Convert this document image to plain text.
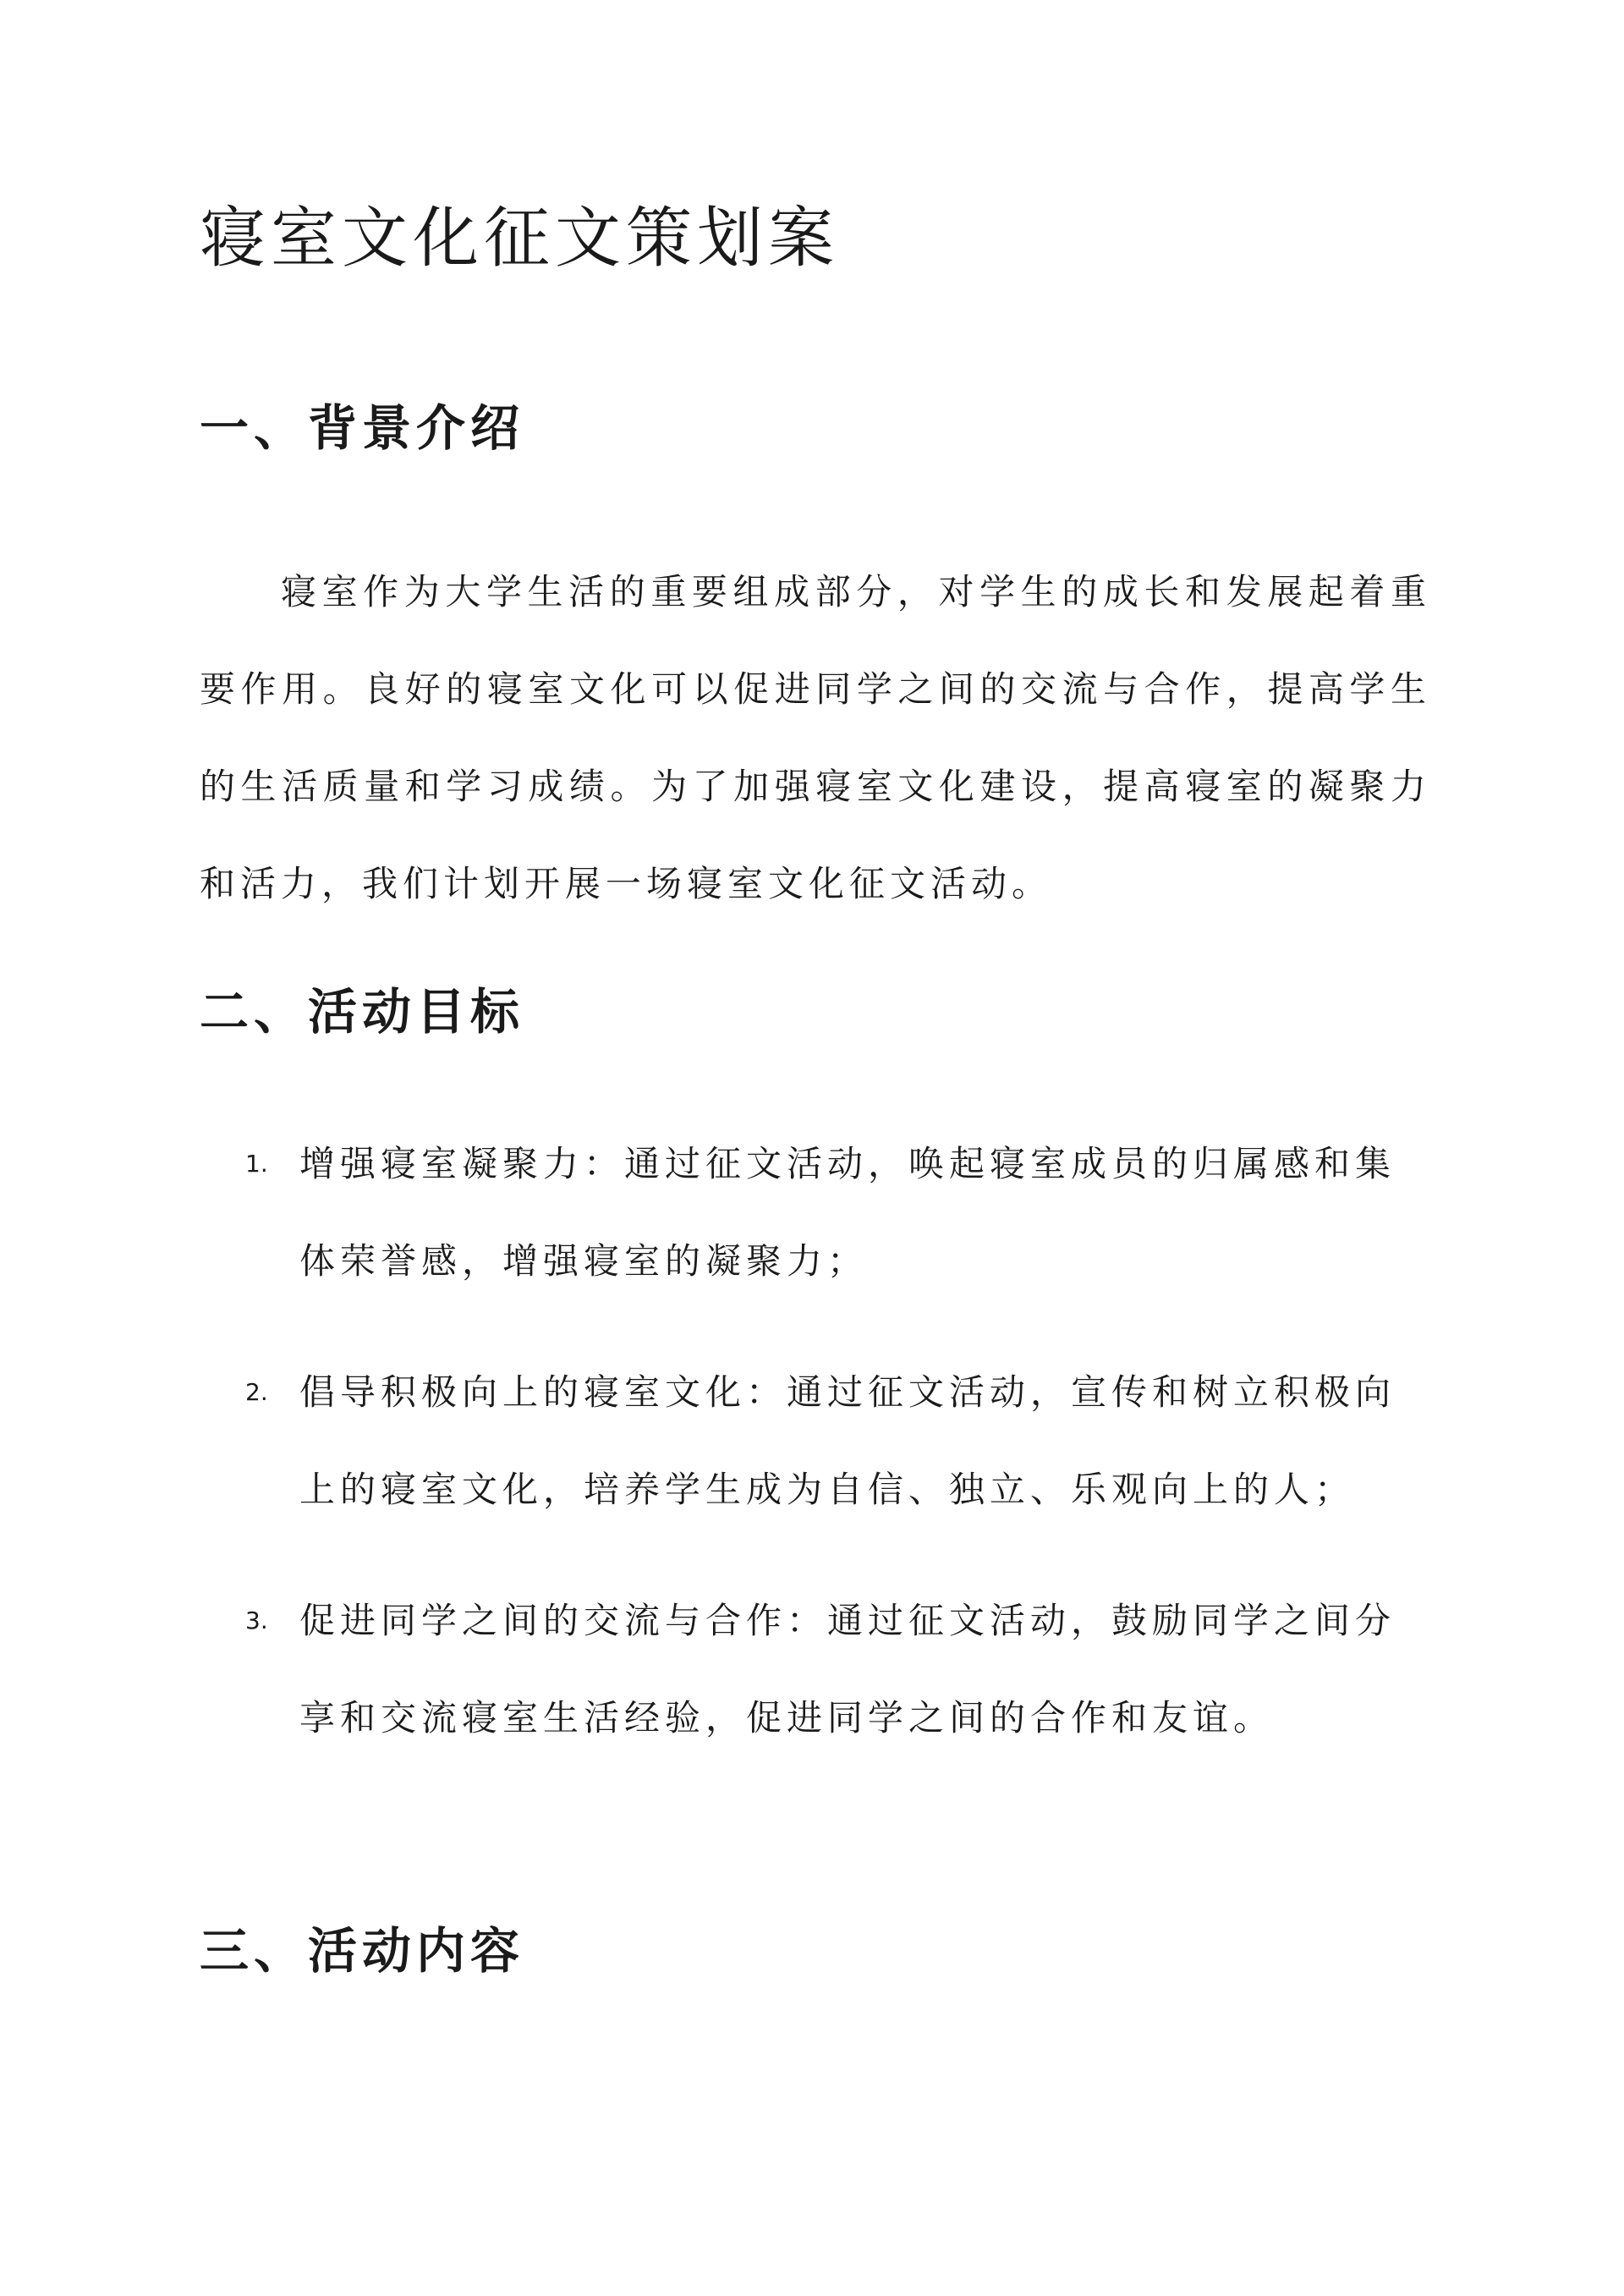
寝室文化征文策划案
一、背景介绍

寝室作为大学生活的重要组成部分，对学生的成长和发展起着重要作用。良好的寝室文化可以促进同学之间的交流与合作，提高学生的生活质量和学习成绩。为了加强寝室文化建设，提高寝室的凝聚力和活力，我们计划开展一场寝室文化征文活动。

二、活动目标
1. 增强寝室凝聚力：通过征文活动，唤起寝室成员的归属感和集体荣誉感，增强寝室的凝聚力；
2. 倡导积极向上的寝室文化：通过征文活动，宣传和树立积极向上的寝室文化，培养学生成为自信、独立、乐观向上的人；
3. 促进同学之间的交流与合作：通过征文活动，鼓励同学之间分享和交流寝室生活经验，促进同学之间的合作和友谊。
三、活动内容
